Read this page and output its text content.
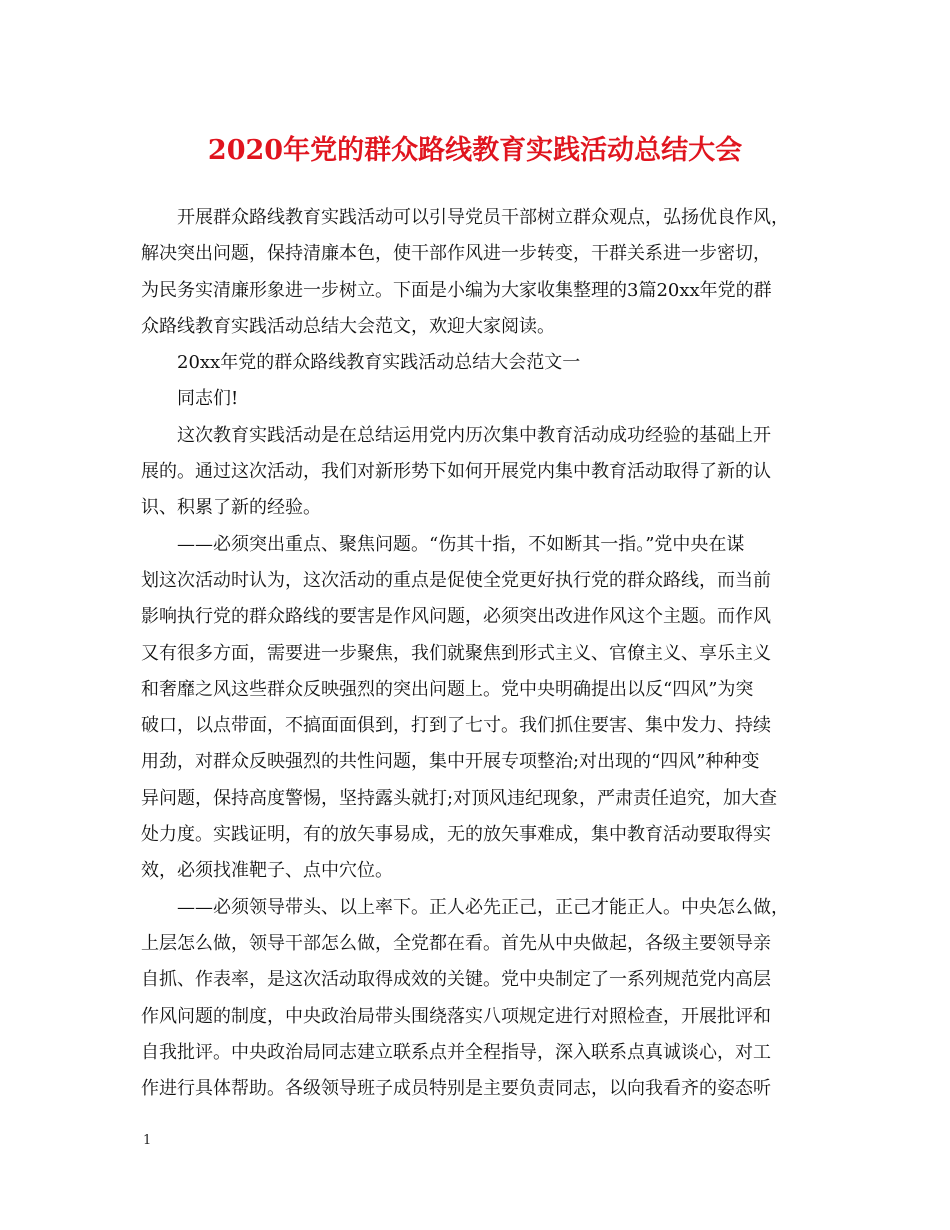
2020年党的群众路线教育实践活动总结大会
　　开展群众路线教育实践活动可以引导党员干部树立群众观点，弘扬优良作风，
解决突出问题，保持清廉本色，使干部作风进一步转变，干群关系进一步密切，
为民务实清廉形象进一步树立。下面是小编为大家收集整理的3篇20xx年党的群
众路线教育实践活动总结大会范文，欢迎大家阅读。
　　20xx年党的群众路线教育实践活动总结大会范文一
　　同志们!
　　这次教育实践活动是在总结运用党内历次集中教育活动成功经验的基础上开
展的。通过这次活动，我们对新形势下如何开展党内集中教育活动取得了新的认
识、积累了新的经验。
　　——必须突出重点、聚焦问题。“伤其十指，不如断其一指。”党中央在谋
划这次活动时认为，这次活动的重点是促使全党更好执行党的群众路线，而当前
影响执行党的群众路线的要害是作风问题，必须突出改进作风这个主题。而作风
又有很多方面，需要进一步聚焦，我们就聚焦到形式主义、官僚主义、享乐主义
和奢靡之风这些群众反映强烈的突出问题上。党中央明确提出以反“四风”为突
破口，以点带面，不搞面面俱到，打到了七寸。我们抓住要害、集中发力、持续
用劲，对群众反映强烈的共性问题，集中开展专项整治;对出现的“四风”种种变
异问题，保持高度警惕，坚持露头就打;对顶风违纪现象，严肃责任追究，加大查
处力度。实践证明，有的放矢事易成，无的放矢事难成，集中教育活动要取得实
效，必须找准靶子、点中穴位。
　　——必须领导带头、以上率下。正人必先正己，正己才能正人。中央怎么做，
上层怎么做，领导干部怎么做，全党都在看。首先从中央做起，各级主要领导亲
自抓、作表率，是这次活动取得成效的关键。党中央制定了一系列规范党内高层
作风问题的制度，中央政治局带头围绕落实八项规定进行对照检查，开展批评和
自我批评。中央政治局同志建立联系点并全程指导，深入联系点真诚谈心，对工
作进行具体帮助。各级领导班子成员特别是主要负责同志，以向我看齐的姿态听
1
